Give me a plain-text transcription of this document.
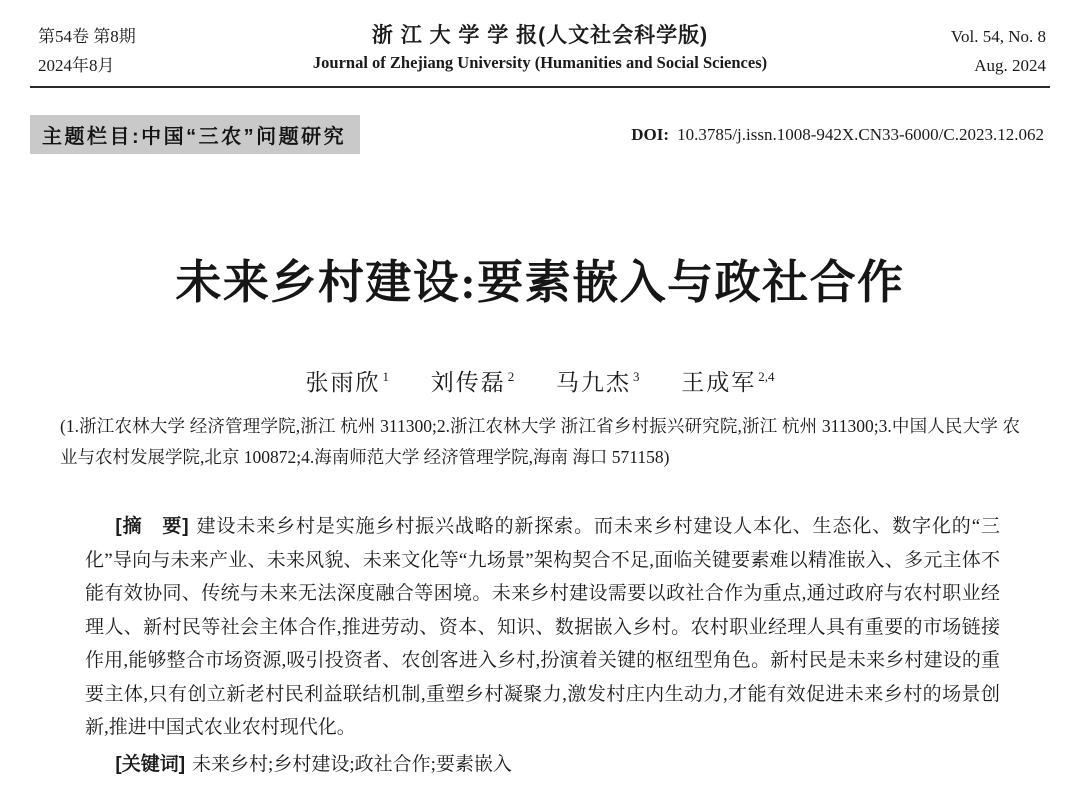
第54卷 第8期
2024年8月
浙 江 大 学 学 报(人文社会科学版)
Journal of Zhejiang University (Humanities and Social Sciences)
Vol. 54, No. 8
Aug. 2024
主题栏目:中国“三农”问题研究	DOI: 10.3785/j.issn.1008-942X.CN33-6000/C.2023.12.062
未来乡村建设:要素嵌入与政社合作
张雨欣 $^1$ 刘传磊 $^2$ 马九杰 $^3$ 王成军 $^{2,4}$

(1.浙江农林大学 经济管理学院,浙江 杭州 311300;2.浙江农林大学 浙江省乡村振兴研究院,浙江 杭州 311300;3.中国人民大学 农业与农村发展学院,北京 100872;4.海南师范大学 经济管理学院,海南 海口 571158)

[摘　要] 建设未来乡村是实施乡村振兴战略的新探索。而未来乡村建设人本化、生态化、数字化的“三化”导向与未来产业、未来风貌、未来文化等“九场景”架构契合不足,面临关键要素难以精准嵌入、多元主体不能有效协同、传统与未来无法深度融合等困境。未来乡村建设需要以政社合作为重点,通过政府与农村职业经理人、新村民等社会主体合作,推进劳动、资本、知识、数据嵌入乡村。农村职业经理人具有重要的市场链接作用,能够整合市场资源,吸引投资者、农创客进入乡村,扮演着关键的枢纽型角色。新村民是未来乡村建设的重要主体,只有创立新老村民利益联结机制,重塑乡村凝聚力,激发村庄内生动力,才能有效促进未来乡村的场景创新,推进中国式农业农村现代化。

[关键词] 未来乡村;乡村建设;政社合作;要素嵌入
